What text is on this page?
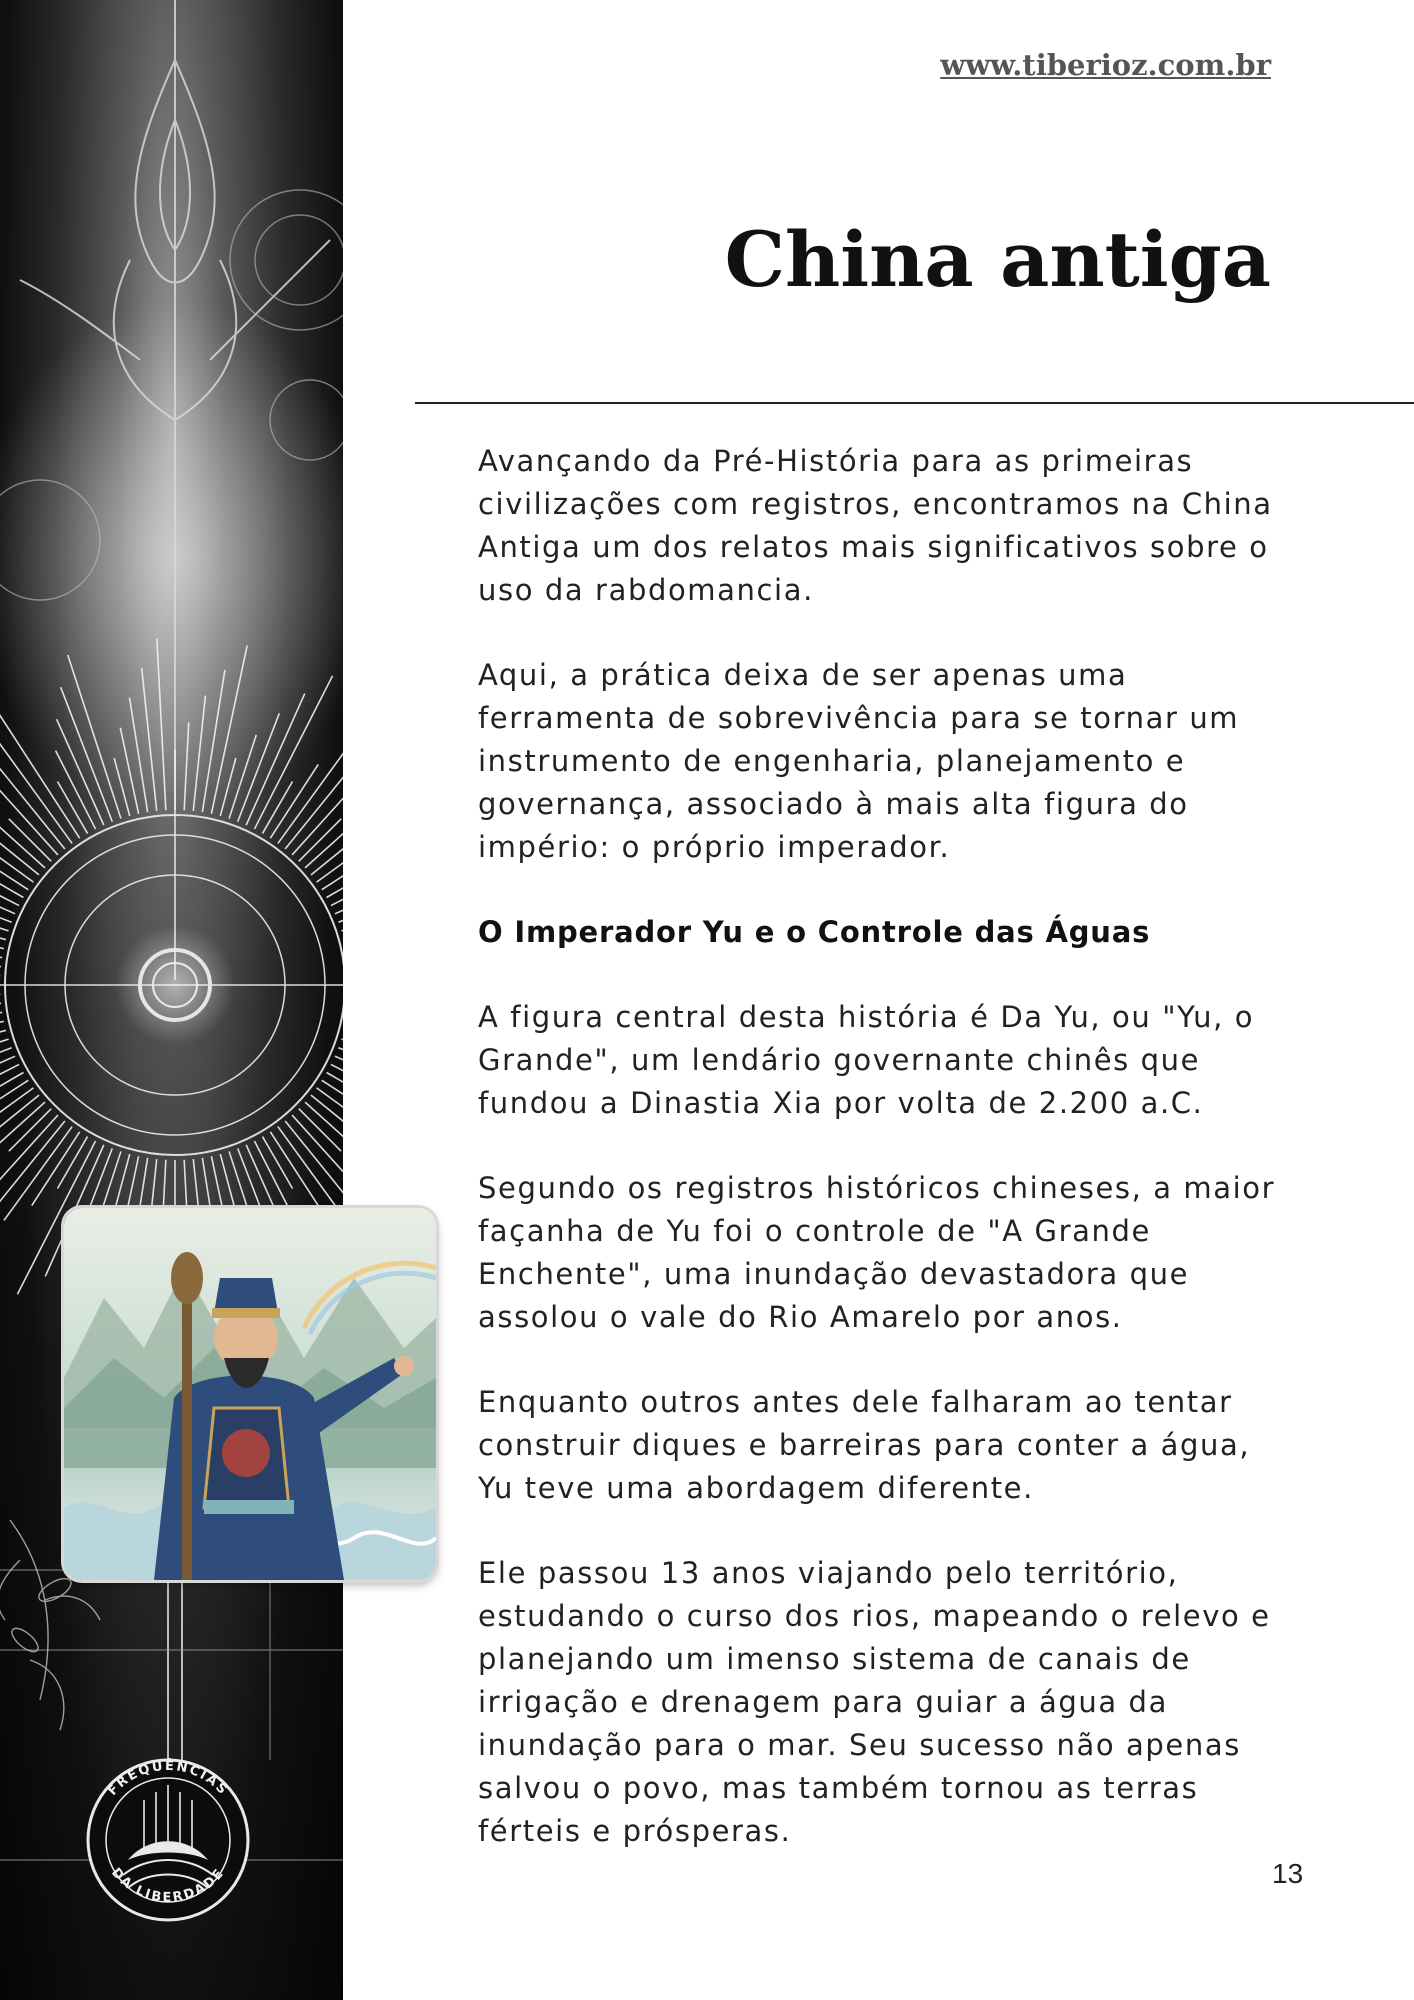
FREQUÊNCIAS
DA LIBERDADE
www.tiberioz.com.br
China antiga

Avançando da Pré-História para as primeiras civilizações com registros, encontramos na China Antiga um dos relatos mais significativos sobre o uso da rabdomancia.

Aqui, a prática deixa de ser apenas uma ferramenta de sobrevivência para se tornar um instrumento de engenharia, planejamento e governança, associado à mais alta figura do império: o próprio imperador.

O Imperador Yu e o Controle das Águas

A figura central desta história é Da Yu, ou "Yu, o Grande", um lendário governante chinês que fundou a Dinastia Xia por volta de 2.200 a.C.

Segundo os registros históricos chineses, a maior façanha de Yu foi o controle de "A Grande Enchente", uma inundação devastadora que assolou o vale do Rio Amarelo por anos.

Enquanto outros antes dele falharam ao tentar construir diques e barreiras para conter a água, Yu teve uma abordagem diferente.

Ele passou 13 anos viajando pelo território, estudando o curso dos rios, mapeando o relevo e planejando um imenso sistema de canais de irrigação e drenagem para guiar a água da inundação para o mar. Seu sucesso não apenas salvou o povo, mas também tornou as terras férteis e prósperas.

13
